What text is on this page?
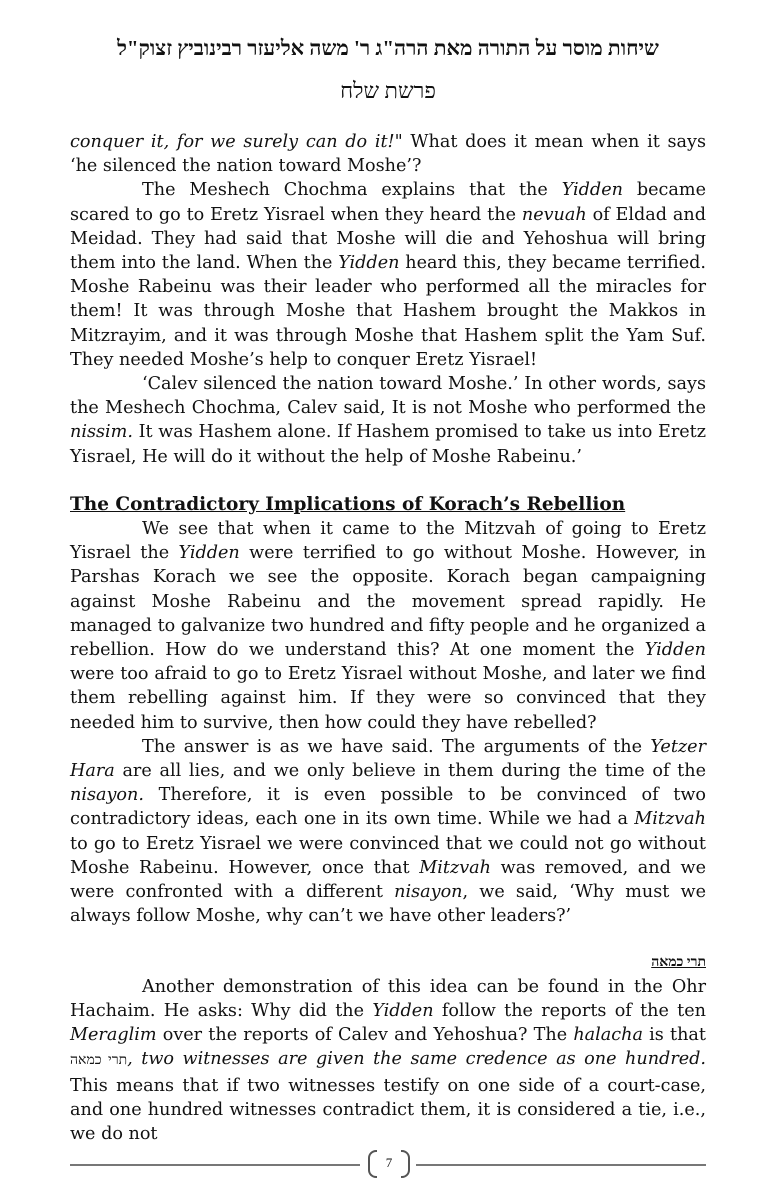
שיחות מוסר על התורה מאת הרה"ג ר' משה אליעזר רבינוביץ זצוק"ל
פרשת שלח

conquer it, for we surely can do it!" What does it mean when it says ‘he silenced the nation toward Moshe’?

The Meshech Chochma explains that the Yidden became scared to go to Eretz Yisrael when they heard the nevuah of Eldad and Meidad. They had said that Moshe will die and Yehoshua will bring them into the land. When the Yidden heard this, they became terrified. Moshe Rabeinu was their leader who performed all the miracles for them! It was through Moshe that Hashem brought the Makkos in Mitzrayim, and it was through Moshe that Hashem split the Yam Suf. They needed Moshe’s help to conquer Eretz Yisrael!

‘Calev silenced the nation toward Moshe.’ In other words, says the Meshech Chochma, Calev said, It is not Moshe who performed the nissim. It was Hashem alone. If Hashem promised to take us into Eretz Yisrael, He will do it without the help of Moshe Rabeinu.’

The Contradictory Implications of Korach’s Rebellion

We see that when it came to the Mitzvah of going to Eretz Yisrael the Yidden were terrified to go without Moshe. However, in Parshas Korach we see the opposite. Korach began campaigning against Moshe Rabeinu and the movement spread rapidly. He managed to galvanize two hundred and fifty people and he organized a rebellion. How do we understand this? At one moment the Yidden were too afraid to go to Eretz Yisrael without Moshe, and later we find them rebelling against him. If they were so convinced that they needed him to survive, then how could they have rebelled?

The answer is as we have said. The arguments of the Yetzer Hara are all lies, and we only believe in them during the time of the nisayon. Therefore, it is even possible to be convinced of two contradictory ideas, each one in its own time. While we had a Mitzvah to go to Eretz Yisrael we were convinced that we could not go without Moshe Rabeinu. However, once that Mitzvah was removed, and we were confronted with a different nisayon, we said, ‘Why must we always follow Moshe, why can’t we have other leaders?’

תרי כמאה

Another demonstration of this idea can be found in the Ohr Hachaim. He asks: Why did the Yidden follow the reports of the ten Meraglim over the reports of Calev and Yehoshua? The halacha is that תרי כמאה, two witnesses are given the same credence as one hundred. This means that if two witnesses testify on one side of a court-case, and one hundred witnesses contradict them, it is considered a tie, i.e., we do not

7
